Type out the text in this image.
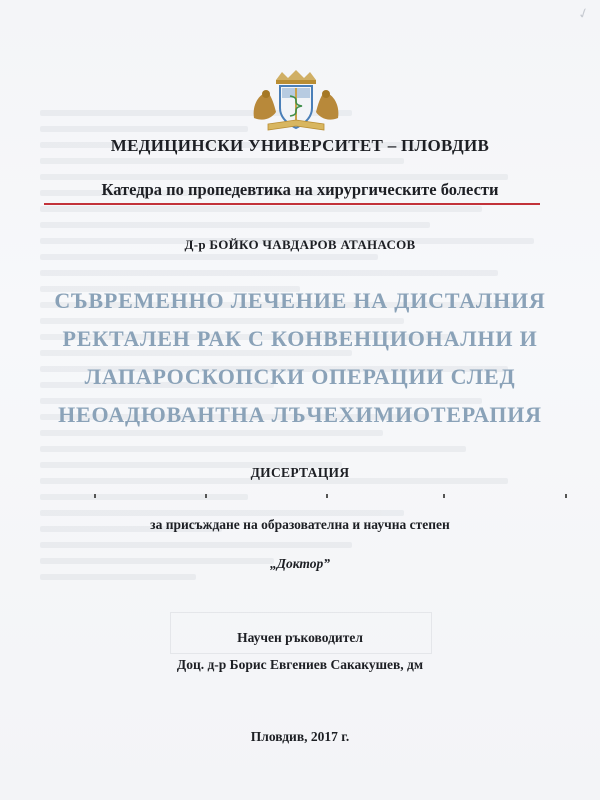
✓
МЕДИЦИНСКИ УНИВЕРСИТЕТ – ПЛОВДИВ
Катедра по пропедевтика на хирургическите болести
Д-р БОЙКО ЧАВДАРОВ АТАНАСОВ
СЪВРЕМЕННО ЛЕЧЕНИЕ НА ДИСТАЛНИЯ
РЕКТАЛЕН РАК С КОНВЕНЦИОНАЛНИ И
ЛАПАРОСКОПСКИ ОПЕРАЦИИ СЛЕД
НЕОАДЮВАНТНА ЛЪЧЕХИМИОТЕРАПИЯ
ДИСЕРТАЦИЯ
за присъждане на образователна и научна степен
„Доктор”
Научен ръководител
Доц. д-р Борис Евгениев Сакакушев, дм
Пловдив, 2017 г.
